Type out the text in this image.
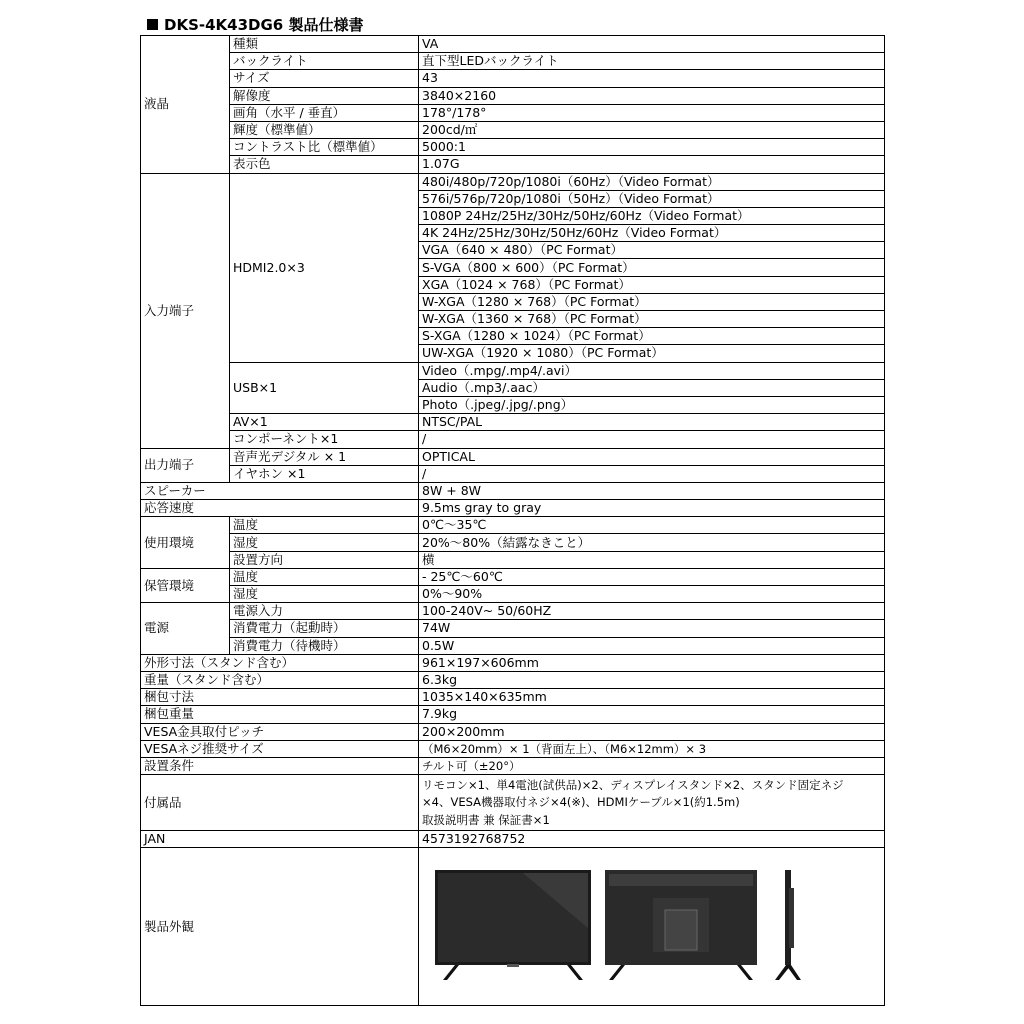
DKS-4K43DG6 製品仕様書
液晶	種類	VA
	バックライト	直下型LEDバックライト
	サイズ	43
	解像度	3840×2160
	画角（水平 / 垂直）	178°/178°
	輝度（標準値）	200cd/㎡
	コントラスト比（標準値）	5000:1
	表示色	1.07G
入力端子	HDMI2.0×3	480i/480p/720p/1080i（60Hz）（Video Format）
		576i/576p/720p/1080i（50Hz）（Video Format）
		1080P 24Hz/25Hz/30Hz/50Hz/60Hz（Video Format）
		4K 24Hz/25Hz/30Hz/50Hz/60Hz（Video Format）
		VGA（640 × 480）（PC Format）
		S-VGA（800 × 600）（PC Format）
		XGA（1024 × 768）（PC Format）
		W-XGA（1280 × 768）（PC Format）
		W-XGA（1360 × 768）（PC Format）
		S-XGA（1280 × 1024）（PC Format）
		UW-XGA（1920 × 1080）（PC Format）
	USB×1	Video（.mpg/.mp4/.avi）
		Audio（.mp3/.aac）
		Photo（.jpeg/.jpg/.png）
	AV×1	NTSC/PAL
	コンポーネント×1	/
出力端子	音声光デジタル × 1	OPTICAL
	イヤホン ×1	/
スピーカー		8W + 8W
応答速度		9.5ms gray to gray
使用環境	温度	0℃～35℃
	湿度	20%～80%（結露なきこと）
	設置方向	横
保管環境	温度	- 25℃～60℃
	湿度	0%～90%
電源	電源入力	100-240V~ 50/60HZ
	消費電力（起動時）	74W
	消費電力（待機時）	0.5W
外形寸法（スタンド含む）		961×197×606mm
重量（スタンド含む）		6.3kg
梱包寸法		1035×140×635mm
梱包重量		7.9kg
VESA金具取付ピッチ		200×200mm
VESAネジ推奨サイズ		（M6×20mm）× 1（背面左上）、（M6×12mm）× 3
設置条件		チルト可（±20°）
付属品		リモコン×1、単4電池(試供品)×2、ディスプレイスタンド×2、スタンド固定ネジ
×4、VESA機器取付ネジ×4(※)、HDMIケーブル×1(約1.5m)
取扱説明書 兼 保証書×1

JAN		4573192768752
製品外観	
